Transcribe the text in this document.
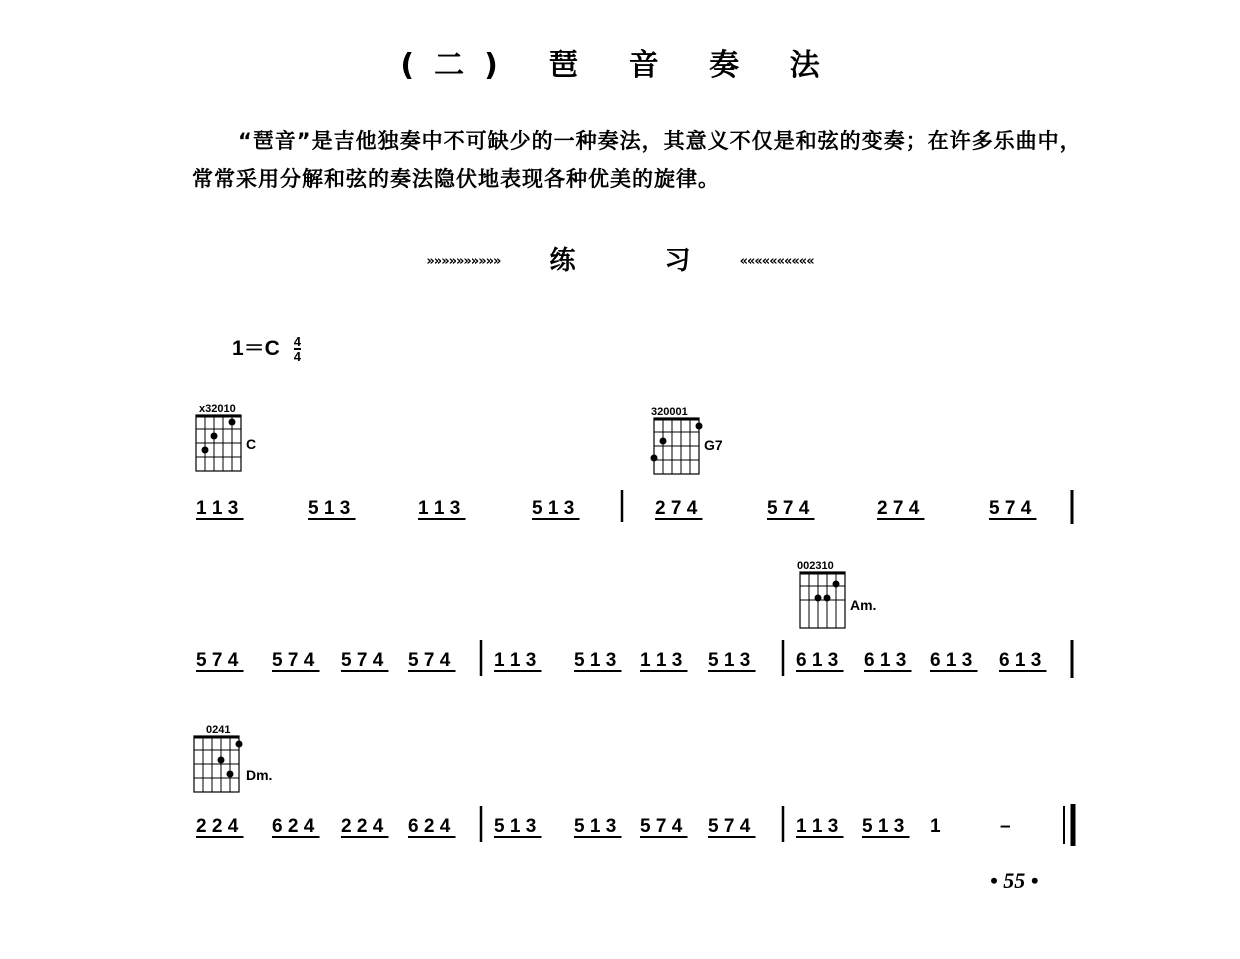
(二) 琶 音 奏 法
“琶音”是吉他独奏中不可缺少的一种奏法，其意义不仅是和弦的变奏；在许多乐曲中，常常采用分解和弦的奏法隐伏地表现各种优美的旋律。
»»»»»»»»»» 练	习	««««««««««
$1=C \frac{4}{4}$
x32010
C
320001
G7
002310
Am.
0241
Dm.
1 1 3	5 1 3	1 1 3	5 1 3	2 7 4	5 7 4	2 7 4	5 7 4
5 7 4 5 7 4 5 7 4 5 7 4 1 1 3 5 1 3 1 1 3 5 1 3 6 1 3 6 1 3 6 1 3 6 1 3
2 2 4 6 2 4 2 2 4 6 2 4 5 1 3 5 1 3 5 7 4 5 7 4 1 1 3 5 1 3 1	–
• 55 •
